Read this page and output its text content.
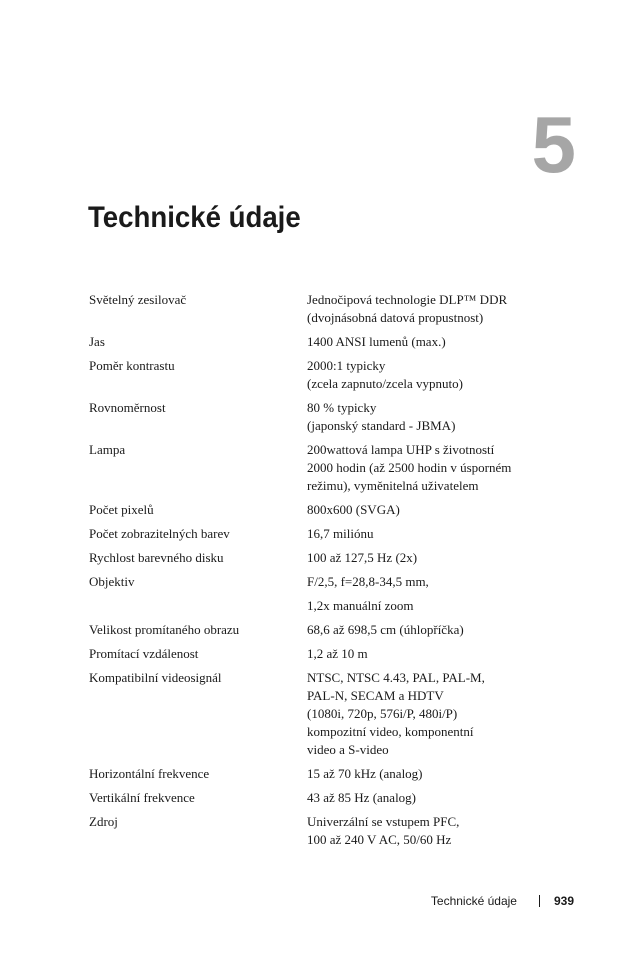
5
Technické údaje
Světelný zesilovač	Jednočipová technologie DLP™ DDR
(dvojnásobná datová propustnost)
Jas	1400 ANSI lumenů (max.)
Poměr kontrastu	2000:1 typicky
(zcela zapnuto/zcela vypnuto)
Rovnoměrnost	80 % typicky
(japonský standard - JBMA)
Lampa	200wattová lampa UHP s životností
2000 hodin (až 2500 hodin v úsporném
režimu), vyměnitelná uživatelem
Počet pixelů	800x600 (SVGA)
Počet zobrazitelných barev	16,7 miliónu
Rychlost barevného disku	100 až 127,5 Hz (2x)
Objektiv	F/2,5, f=28,8-34,5 mm,
1,2x manuální zoom
Velikost promítaného obrazu	68,6 až 698,5 cm (úhlopříčka)
Promítací vzdálenost	1,2 až 10 m
Kompatibilní videosignál	NTSC, NTSC 4.43, PAL, PAL-M,
PAL-N, SECAM a HDTV
(1080i, 720p, 576i/P, 480i/P)
kompozitní video, komponentní
video a S-video
Horizontální frekvence	15 až 70 kHz (analog)
Vertikální frekvence	43 až 85 Hz (analog)
Zdroj	Univerzální se vstupem PFC,
100 až 240 V AC, 50/60 Hz
Technické údaje	939
